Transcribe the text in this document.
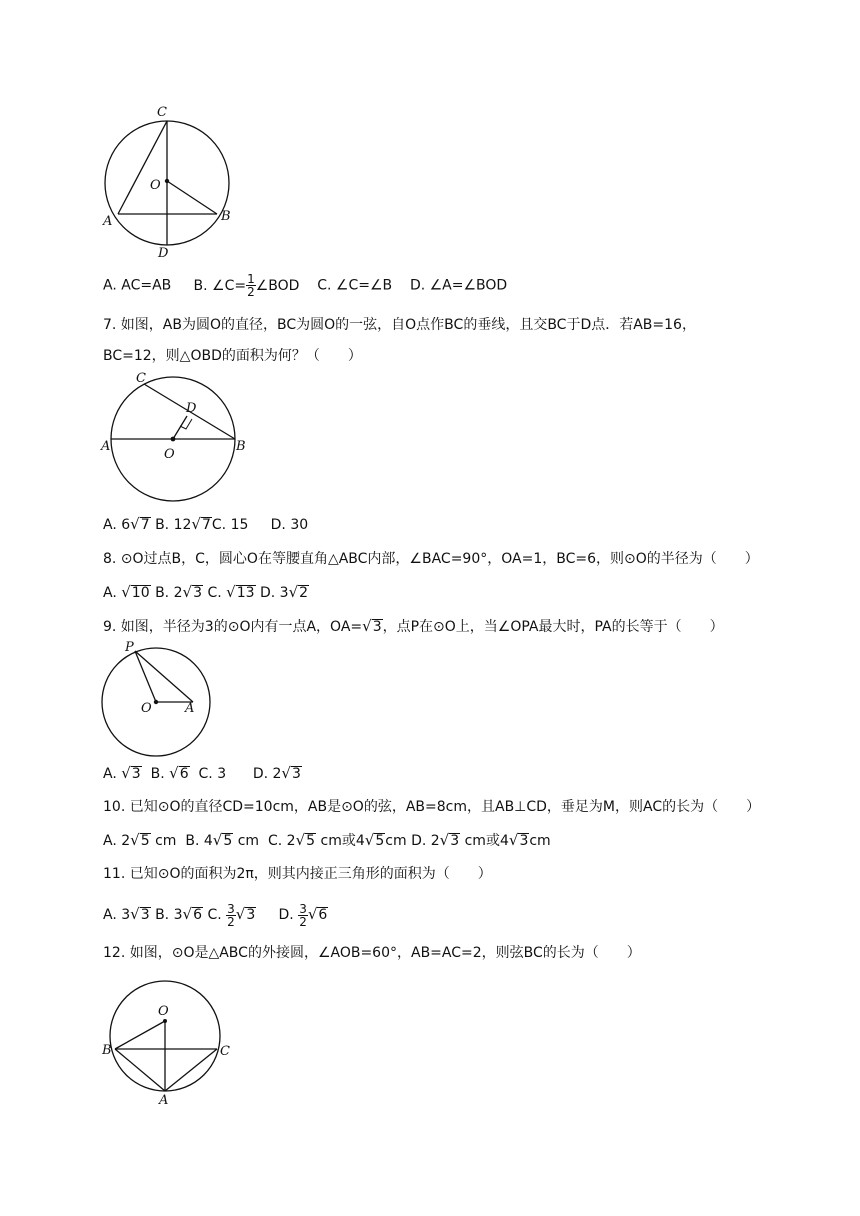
C
O
A	B
D
A. AC=AB B. ∠C= $\frac{1}{2}$ ∠BOD C. ∠C=∠B D. ∠A=∠BOD
7. 如图，AB为圆O的直径，BC为圆O的一弦，自O点作BC的垂线，且交BC于D点．若AB=16，
BC=12，则△OBD的面积为何？（　　）
C
D
A
O
B
A. 6√7 B. 12√7C. 15 D. 30
8. ⊙O过点B，C，圆心O在等腰直角△ABC内部，∠BAC=90°，OA=1，BC=6，则⊙O的半径为（　　）
A. √10 B. 2√3 C. √13 D. 3√2
9. 如图，半径为3的⊙O内有一点A，OA=√3，点P在⊙O上，当∠OPA最大时，PA的长等于（　　）
P
O	A
A. √3 B. √6 C. 3 D. 2√3
10. 已知⊙O的直径CD=10cm，AB是⊙O的弦，AB=8cm，且AB⊥CD，垂足为M，则AC的长为（　　）
A. 2√5 cm B. 4√5 cm C. 2√5 cm或4√5cm D. 2√3 cm或4√3cm
11. 已知⊙O的面积为2π，则其内接正三角形的面积为（　　）
A. 3√3 B. 3√6 C. $\frac{3}{2} √3$ D. $\frac{3}{2} √6$
12. 如图，⊙O是△ABC的外接圆，∠AOB=60°，AB=AC=2，则弦BC的长为（　　）
O
B	C
A
